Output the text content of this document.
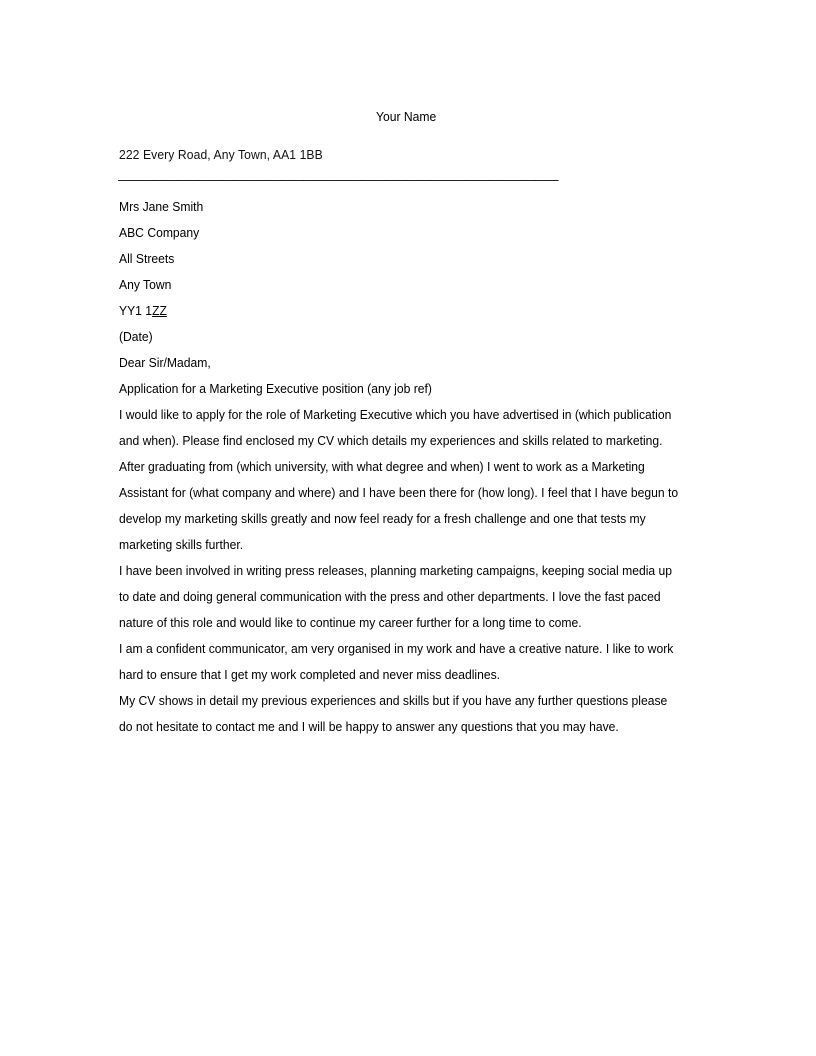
Your Name
222 Every Road, Any Town, AA1 1BB
——————————————————————————————————————
Mrs Jane Smith
ABC Company
All Streets
Any Town
YY1 1ZZ
(Date)
Dear Sir/Madam,
Application for a Marketing Executive position (any job ref)

I would like to apply for the role of Marketing Executive which you have advertised in (which publication and when). Please find enclosed my CV which details my experiences and skills related to marketing.

After graduating from (which university, with what degree and when) I went to work as a Marketing Assistant for (what company and where) and I have been there for (how long). I feel that I have begun to develop my marketing skills greatly and now feel ready for a fresh challenge and one that tests my marketing skills further.

I have been involved in writing press releases, planning marketing campaigns, keeping social media up to date and doing general communication with the press and other departments. I love the fast paced nature of this role and would like to continue my career further for a long time to come.

I am a confident communicator, am very organised in my work and have a creative nature. I like to work hard to ensure that I get my work completed and never miss deadlines.

My CV shows in detail my previous experiences and skills but if you have any further questions please do not hesitate to contact me and I will be happy to answer any questions that you may have.
